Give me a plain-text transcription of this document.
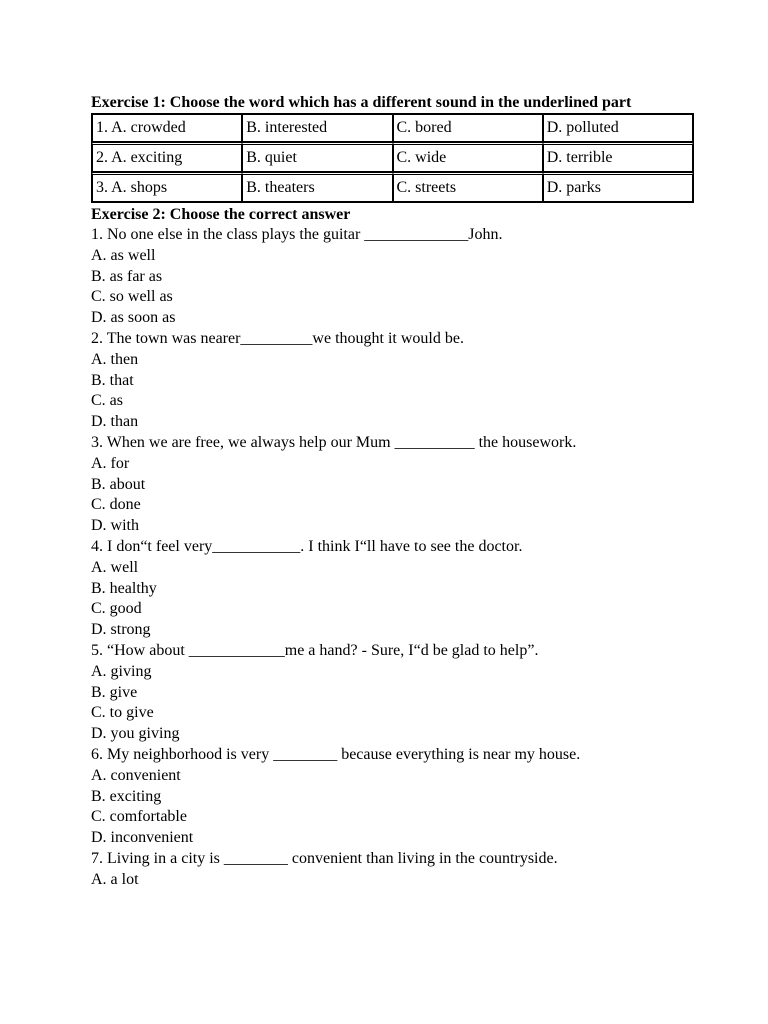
Exercise 1: Choose the word which has a different sound in the underlined part
1. A. crowded	B. interested	C. bored	D. polluted
2. A. exciting	B. quiet	C. wide	D. terrible
3. A. shops	B. theaters	C. streets	D. parks
Exercise 2: Choose the correct answer
1. No one else in the class plays the guitar _____________John.
A. as well
B. as far as
C. so well as
D. as soon as
2. The town was nearer_________we thought it would be.
A. then
B. that
C. as
D. than
3. When we are free, we always help our Mum __________ the housework.
A. for
B. about
C. done
D. with
4. I don“t feel very___________. I think I“ll have to see the doctor.
A. well
B. healthy
C. good
D. strong
5. “How about ____________me a hand? - Sure, I“d be glad to help”.
A. giving
B. give
C. to give
D. you giving
6. My neighborhood is very ________ because everything is near my house.
A. convenient
B. exciting
C. comfortable
D. inconvenient
7. Living in a city is ________ convenient than living in the countryside.
A. a lot
